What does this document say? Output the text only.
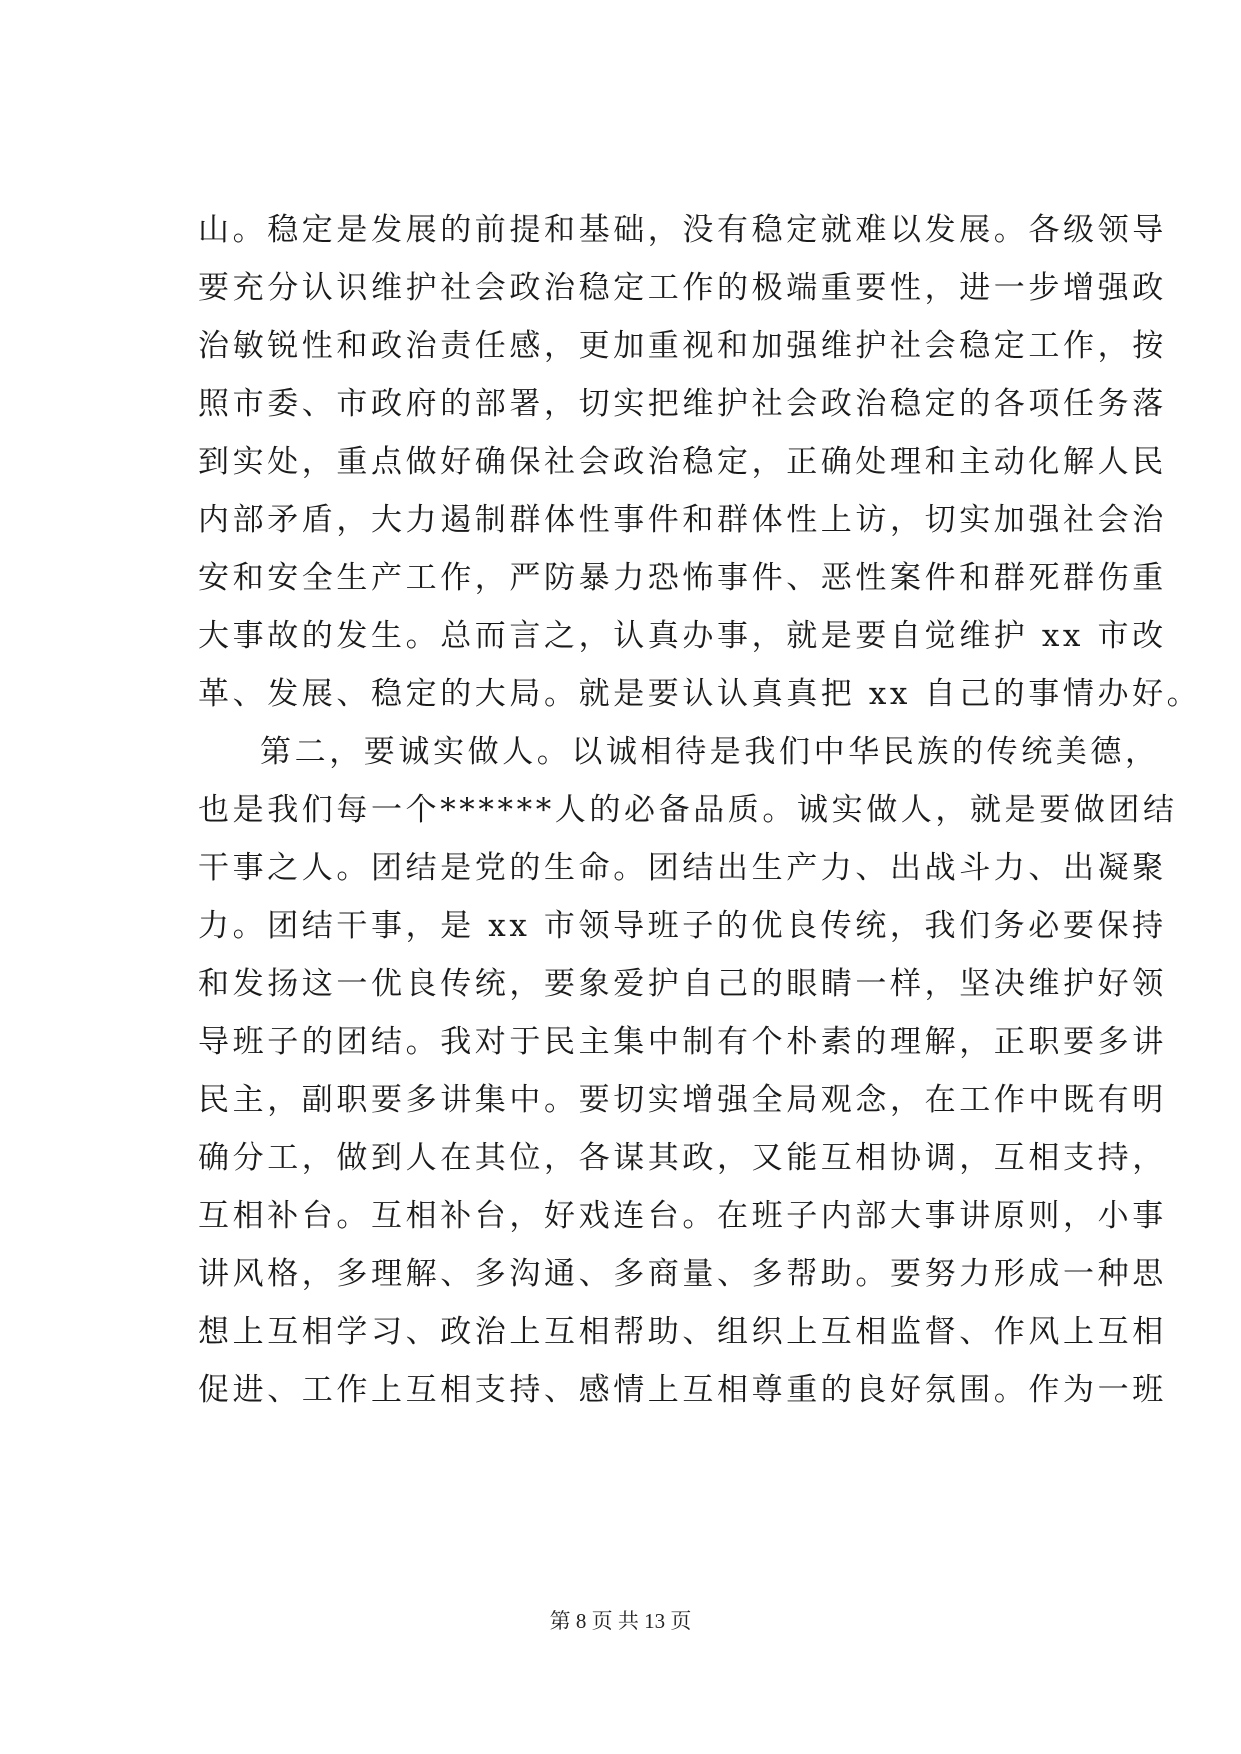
山。稳定是发展的前提和基础，没有稳定就难以发展。各级领导
要充分认识维护社会政治稳定工作的极端重要性，进一步增强政
治敏锐性和政治责任感，更加重视和加强维护社会稳定工作，按
照市委、市政府的部署，切实把维护社会政治稳定的各项任务落
到实处，重点做好确保社会政治稳定，正确处理和主动化解人民
内部矛盾，大力遏制群体性事件和群体性上访，切实加强社会治
安和安全生产工作，严防暴力恐怖事件、恶性案件和群死群伤重
大事故的发生。总而言之，认真办事，就是要自觉维护 xx 市改
革、发展、稳定的大局。就是要认认真真把 xx 自己的事情办好。
第二，要诚实做人。以诚相待是我们中华民族的传统美德，
也是我们每一个******人的必备品质。诚实做人，就是要做团结
干事之人。团结是党的生命。团结出生产力、出战斗力、出凝聚
力。团结干事，是 xx 市领导班子的优良传统，我们务必要保持
和发扬这一优良传统，要象爱护自己的眼睛一样，坚决维护好领
导班子的团结。我对于民主集中制有个朴素的理解，正职要多讲
民主，副职要多讲集中。要切实增强全局观念，在工作中既有明
确分工，做到人在其位，各谋其政，又能互相协调，互相支持，
互相补台。互相补台，好戏连台。在班子内部大事讲原则，小事
讲风格，多理解、多沟通、多商量、多帮助。要努力形成一种思
想上互相学习、政治上互相帮助、组织上互相监督、作风上互相
促进、工作上互相支持、感情上互相尊重的良好氛围。作为一班
第 8 页 共 13 页
